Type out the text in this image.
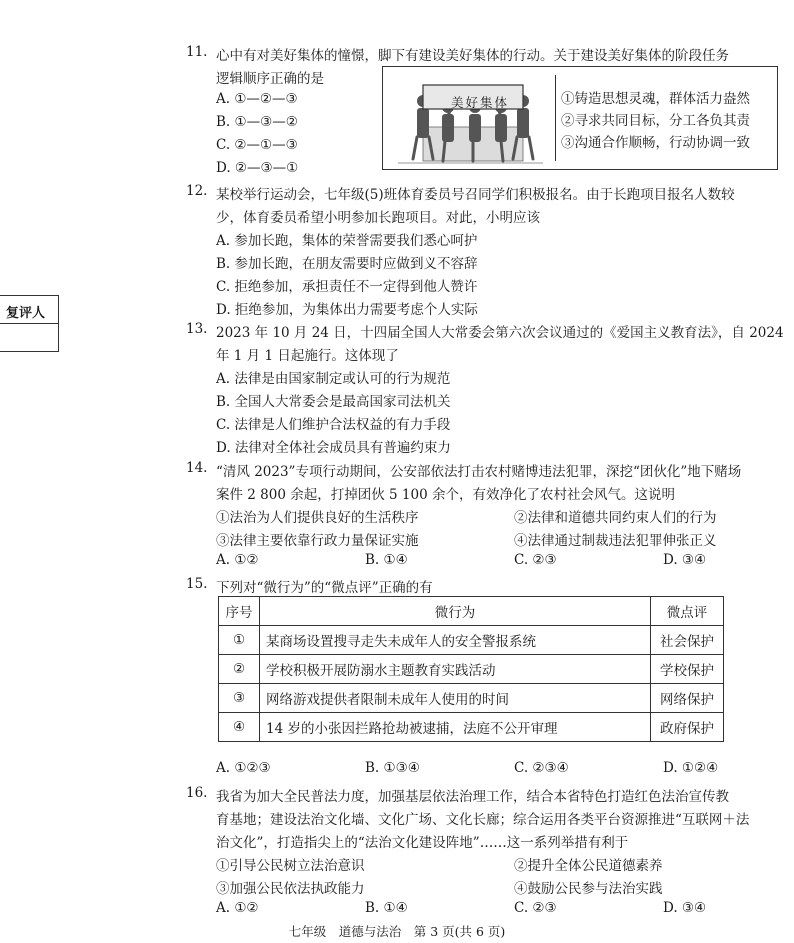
复评人
11. 心中有对美好集体的憧憬，脚下有建设美好集体的行动。关于建设美好集体的阶段任务
逻辑顺序正确的是
A. ①—②—③
B. ①—③—②
C. ②—①—③
D. ②—③—①
美好集体	①铸造思想灵魂，群体活力盎然
②寻求共同目标，分工各负其责
③沟通合作顺畅，行动协调一致
12. 某校举行运动会，七年级(5)班体育委员号召同学们积极报名。由于长跑项目报名人数较
少，体育委员希望小明参加长跑项目。对此，小明应该
A. 参加长跑，集体的荣誉需要我们悉心呵护
B. 参加长跑，在朋友需要时应做到义不容辞
C. 拒绝参加，承担责任不一定得到他人赞许
D. 拒绝参加，为集体出力需要考虑个人实际
13. 2023 年 10 月 24 日，十四届全国人大常委会第六次会议通过的《爱国主义教育法》，自 2024
年 1 月 1 日起施行。这体现了
A. 法律是由国家制定或认可的行为规范
B. 全国人大常委会是最高国家司法机关
C. 法律是人们维护合法权益的有力手段
D. 法律对全体社会成员具有普遍约束力
14. “清风 2023”专项行动期间，公安部依法打击农村赌博违法犯罪，深挖“团伙化”地下赌场
案件 2 800 余起，打掉团伙 5 100 余个，有效净化了农村社会风气。这说明
①法治为人们提供良好的生活秩序	②法律和道德共同约束人们的行为
③法律主要依靠行政力量保证实施	④法律通过制裁违法犯罪伸张正义
A. ①②	B. ①④	C. ②③	D. ③④
15. 下列对“微行为”的“微点评”正确的有
序号	微行为	微点评
①	某商场设置搜寻走失未成年人的安全警报系统	社会保护
②	学校积极开展防溺水主题教育实践活动	学校保护
③	网络游戏提供者限制未成年人使用的时间	网络保护
④	14 岁的小张因拦路抢劫被逮捕，法庭不公开审理	政府保护
A. ①②③	B. ①③④	C. ②③④	D. ①②④
16. 我省为加大全民普法力度，加强基层依法治理工作，结合本省特色打造红色法治宣传教
育基地；建设法治文化墙、文化广场、文化长廊；综合运用各类平台资源推进“互联网＋法
治文化”，打造指尖上的“法治文化建设阵地”……这一系列举措有利于
①引导公民树立法治意识	②提升全体公民道德素养
③加强公民依法执政能力	④鼓励公民参与法治实践
A. ①②	B. ①④	C. ②③	D. ③④
七年级　道德与法治　第 3 页(共 6 页)
